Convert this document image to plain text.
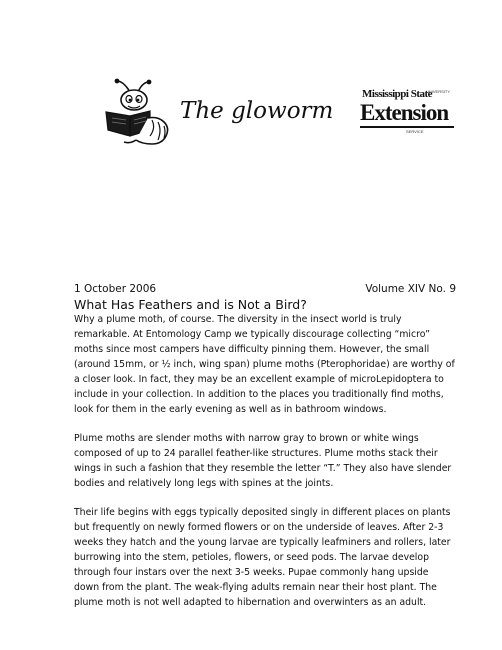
The gloworm
Mississippi State
UNIVERSITY
Extension
SERVICE
1 October 2006	Volume XIV No. 9
What Has Feathers and is Not a Bird?

Why a plume moth, of course. The diversity in the insect world is truly remarkable. At Entomology Camp we typically discourage collecting “micro” moths since most campers have difficulty pinning them. However, the small (around 15mm, or ½ inch, wing span) plume moths (Pterophoridae) are worthy of a closer look. In fact, they may be an excellent example of microLepidoptera to include in your collection. In addition to the places you traditionally find moths, look for them in the early evening as well as in bathroom windows.

Plume moths are slender moths with narrow gray to brown or white wings composed of up to 24 parallel feather-like structures. Plume moths stack their wings in such a fashion that they resemble the letter “T.” They also have slender bodies and relatively long legs with spines at the joints.

Their life begins with eggs typically deposited singly in different places on plants but frequently on newly formed flowers or on the underside of leaves. After 2-3 weeks they hatch and the young larvae are typically leafminers and rollers, later burrowing into the stem, petioles, flowers, or seed pods. The larvae develop through four instars over the next 3-5 weeks. Pupae commonly hang upside down from the plant. The weak-flying adults remain near their host plant. The plume moth is not well adapted to hibernation and overwinters as an adult.
